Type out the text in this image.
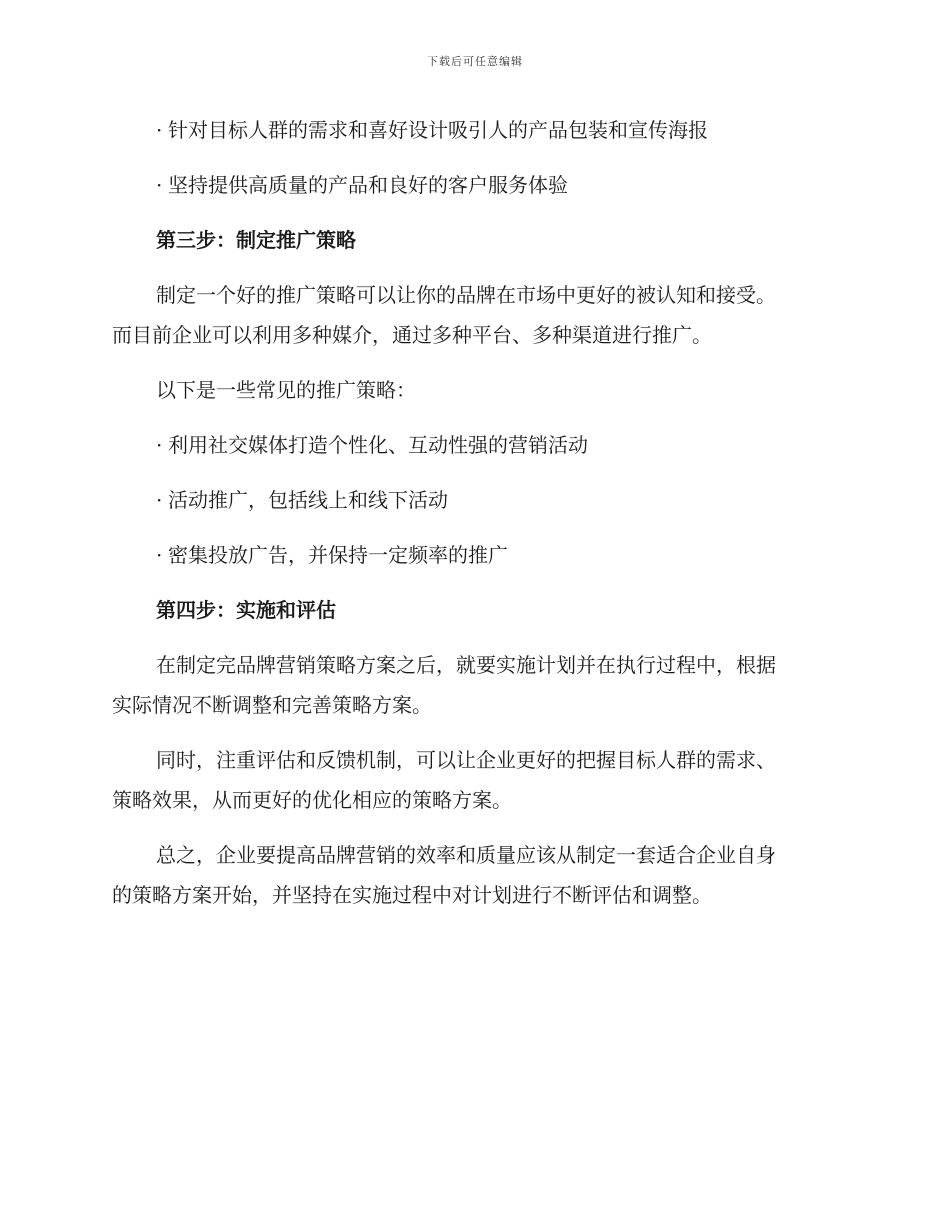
下载后可任意编辑
· 针对目标人群的需求和喜好设计吸引人的产品包装和宣传海报
· 坚持提供高质量的产品和良好的客户服务体验
第三步：制定推广策略
制定一个好的推广策略可以让你的品牌在市场中更好的被认知和接受。
而目前企业可以利用多种媒介，通过多种平台、多种渠道进行推广。
以下是一些常见的推广策略：
· 利用社交媒体打造个性化、互动性强的营销活动
· 活动推广，包括线上和线下活动
· 密集投放广告，并保持一定频率的推广
第四步：实施和评估
在制定完品牌营销策略方案之后，就要实施计划并在执行过程中，根据
实际情况不断调整和完善策略方案。
同时，注重评估和反馈机制，可以让企业更好的把握目标人群的需求、
策略效果，从而更好的优化相应的策略方案。
总之，企业要提高品牌营销的效率和质量应该从制定一套适合企业自身
的策略方案开始，并坚持在实施过程中对计划进行不断评估和调整。
